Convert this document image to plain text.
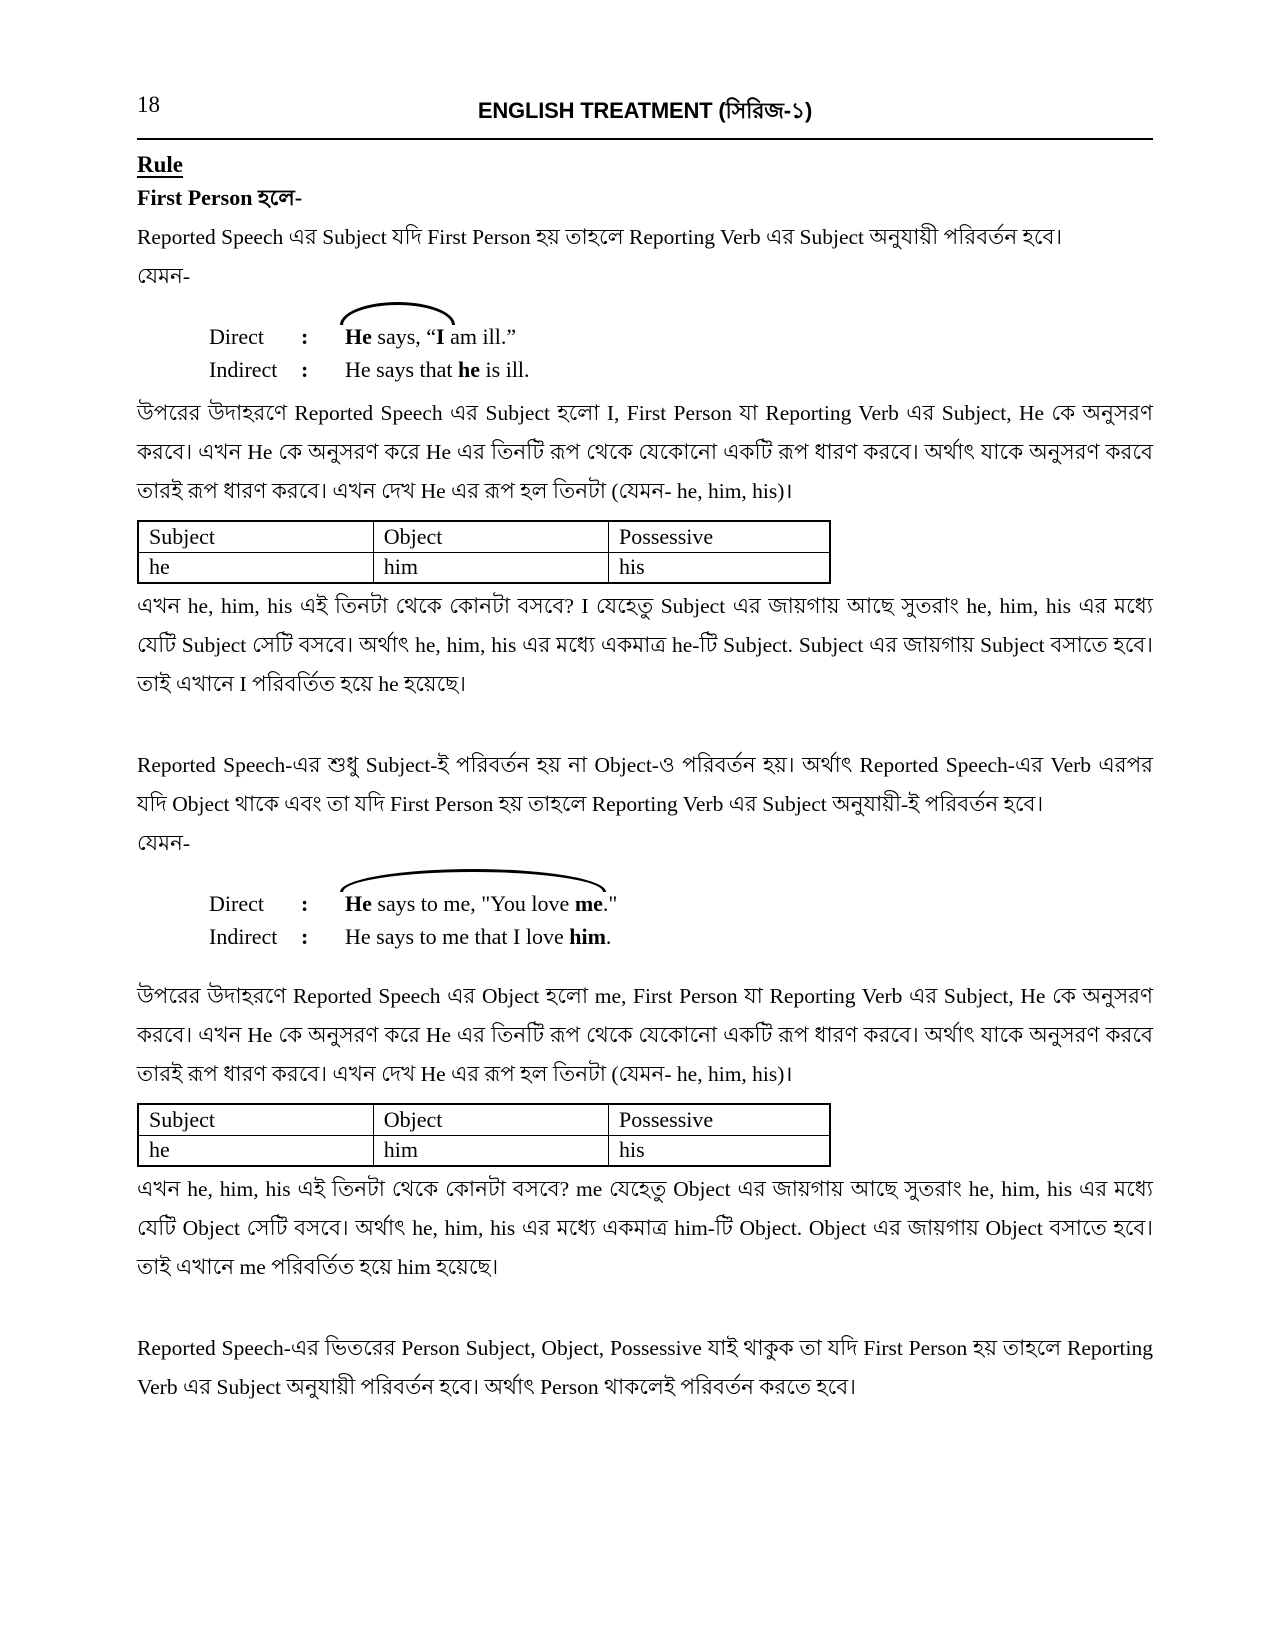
18	ENGLISH TREATMENT (সিরিজ-১)
Rule
First Person হলে-

Reported Speech এর Subject যদি First Person হয় তাহলে Reporting Verb এর Subject অনুযায়ী পরিবর্তন হবে।
যেমন-

Direct	:	He says, “I am ill.”
Indirect	:	He says that he is ill.

উপরের উদাহরণে Reported Speech এর Subject হলো I, First Person যা Reporting Verb এর Subject, He কে অনুসরণ করবে। এখন He কে অনুসরণ করে He এর তিনটি রূপ থেকে যেকোনো একটি রূপ ধারণ করবে। অর্থাৎ যাকে অনুসরণ করবে তারই রূপ ধারণ করবে। এখন দেখ He এর রূপ হল তিনটা (যেমন- he, him, his)।

Subject	Object	Possessive
he	him	his

এখন he, him, his এই তিনটা থেকে কোনটা বসবে? I যেহেতু Subject এর জায়গায় আছে সুতরাং he, him, his এর মধ্যে যেটি Subject সেটি বসবে। অর্থাৎ he, him, his এর মধ্যে একমাত্র he-টি Subject. Subject এর জায়গায় Subject বসাতে হবে। তাই এখানে I পরিবর্তিত হয়ে he হয়েছে।

Reported Speech-এর শুধু Subject-ই পরিবর্তন হয় না Object-ও পরিবর্তন হয়। অর্থাৎ Reported Speech-এর Verb এরপর যদি Object থাকে এবং তা যদি First Person হয় তাহলে Reporting Verb এর Subject অনুযায়ী-ই পরিবর্তন হবে।
যেমন-

Direct	:	He says to me, "You love me."
Indirect	:	He says to me that I love him.

উপরের উদাহরণে Reported Speech এর Object হলো me, First Person যা Reporting Verb এর Subject, He কে অনুসরণ করবে। এখন He কে অনুসরণ করে He এর তিনটি রূপ থেকে যেকোনো একটি রূপ ধারণ করবে। অর্থাৎ যাকে অনুসরণ করবে তারই রূপ ধারণ করবে। এখন দেখ He এর রূপ হল তিনটা (যেমন- he, him, his)।

Subject	Object	Possessive
he	him	his

এখন he, him, his এই তিনটা থেকে কোনটা বসবে? me যেহেতু Object এর জায়গায় আছে সুতরাং he, him, his এর মধ্যে যেটি Object সেটি বসবে। অর্থাৎ he, him, his এর মধ্যে একমাত্র him-টি Object. Object এর জায়গায় Object বসাতে হবে। তাই এখানে me পরিবর্তিত হয়ে him হয়েছে।

Reported Speech-এর ভিতরের Person Subject, Object, Possessive যাই থাকুক তা যদি First Person হয় তাহলে Reporting Verb এর Subject অনুযায়ী পরিবর্তন হবে। অর্থাৎ Person থাকলেই পরিবর্তন করতে হবে।
